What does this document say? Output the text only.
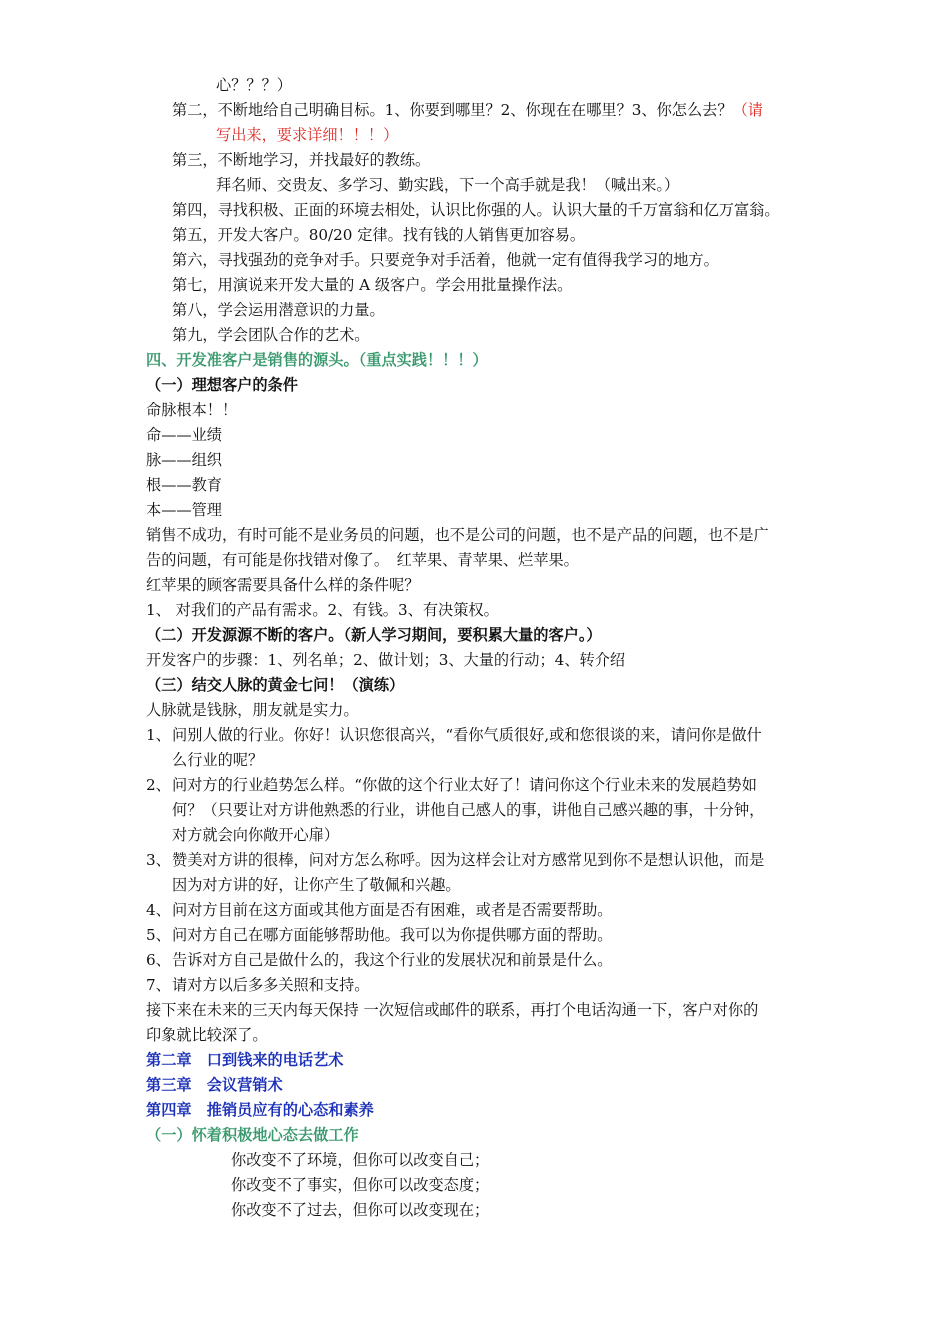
心？？？）
第二，不断地给自己明确目标。1、你要到哪里？2、你现在在哪里？3、你怎么去？（请
写出来，要求详细！！！）
第三，不断地学习，并找最好的教练。
拜名师、交贵友、多学习、勤实践，下一个高手就是我！（喊出来。）
第四，寻找积极、正面的环境去相处，认识比你强的人。认识大量的千万富翁和亿万富翁。
第五，开发大客户。80/20 定律。找有钱的人销售更加容易。
第六，寻找强劲的竞争对手。只要竞争对手活着，他就一定有值得我学习的地方。
第七，用演说来开发大量的 A 级客户。学会用批量操作法。
第八，学会运用潜意识的力量。
第九，学会团队合作的艺术。
四、开发准客户是销售的源头。（重点实践！！！）
（一）理想客户的条件
命脉根本！！
命——业绩
脉——组织
根——教育
本——管理
销售不成功，有时可能不是业务员的问题，也不是公司的问题，也不是产品的问题，也不是广
告的问题，有可能是你找错对像了。　红苹果、青苹果、烂苹果。
红苹果的顾客需要具备什么样的条件呢？
1、 对我们的产品有需求。2、有钱。3、有决策权。
（二）开发源源不断的客户。（新人学习期间，要积累大量的客户。）
开发客户的步骤：1、列名单；2、做计划；3、大量的行动；4、转介绍
（三）结交人脉的黄金七问！（演练）
人脉就是钱脉，朋友就是实力。
1、 问别人做的行业。你好！认识您很高兴，“看你气质很好,或和您很谈的来，请问你是做什
么行业的呢？
2、 问对方的行业趋势怎么样。“你做的这个行业太好了！请问你这个行业未来的发展趋势如
何？（只要让对方讲他熟悉的行业，讲他自己感人的事，讲他自己感兴趣的事，十分钟，
对方就会向你敞开心扉）
3、 赞美对方讲的很棒，问对方怎么称呼。因为这样会让对方感常见到你不是想认识他，而是
因为对方讲的好，让你产生了敬佩和兴趣。
4、 问对方目前在这方面或其他方面是否有困难，或者是否需要帮助。
5、 问对方自己在哪方面能够帮助他。我可以为你提供哪方面的帮助。
6、 告诉对方自己是做什么的，我这个行业的发展状况和前景是什么。
7、 请对方以后多多关照和支持。
接下来在未来的三天内每天保持 一次短信或邮件的联系，再打个电话沟通一下，客户对你的
印象就比较深了。
第二章　口到钱来的电话艺术
第三章　会议营销术
第四章　推销员应有的心态和素养
（一）怀着积极地心态去做工作
你改变不了环境，但你可以改变自己；
你改变不了事实，但你可以改变态度；
你改变不了过去，但你可以改变现在；
